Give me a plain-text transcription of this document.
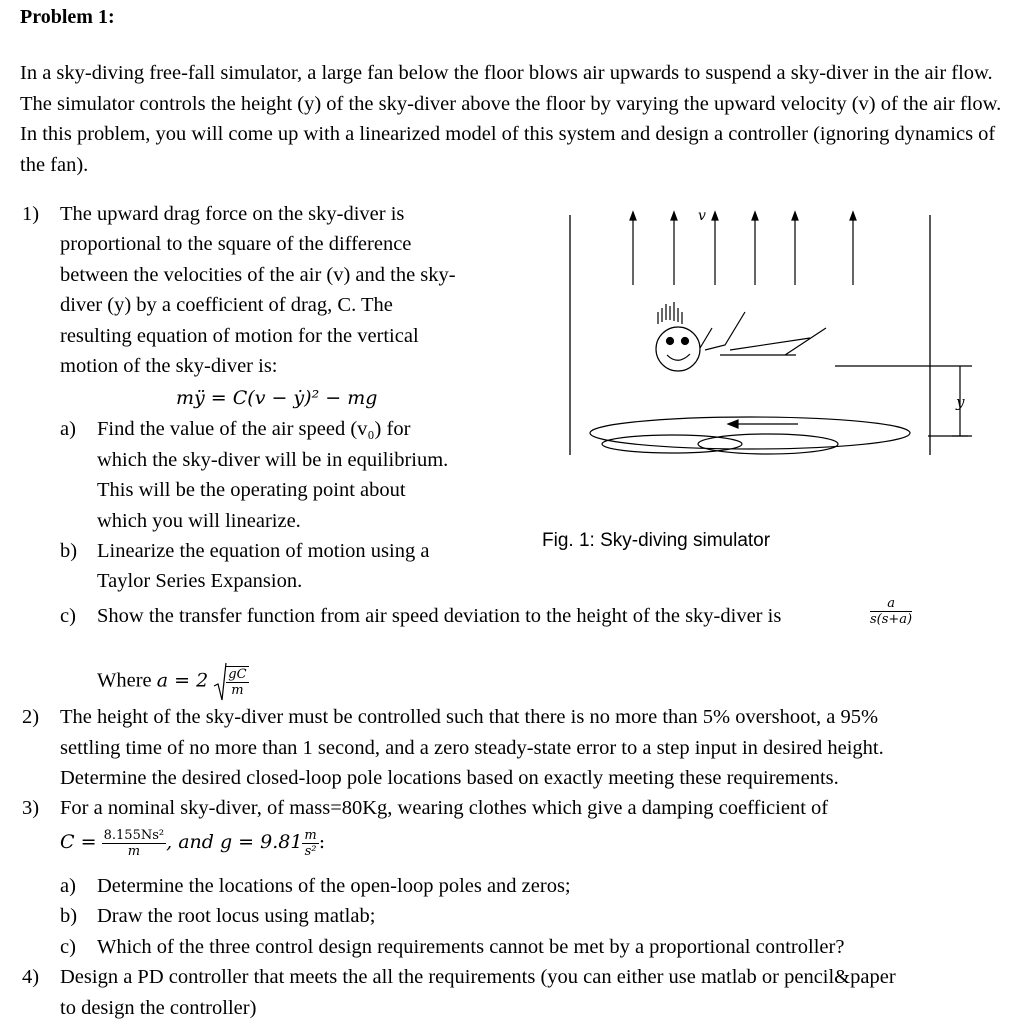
Problem 1:
In a sky-diving free-fall simulator, a large fan below the floor blows air upwards to suspend a sky-diver in the air flow. The simulator controls the height (y) of the sky-diver above the floor by varying the upward velocity (v) of the air flow. In this problem, you will come up with a linearized model of this system and design a controller (ignoring dynamics of the fan).
1) The upward drag force on the sky-diver is
proportional to the square of the difference
between the velocities of the air (v) and the sky-
diver (y) by a coefficient of drag, C. The
resulting equation of motion for the vertical
motion of the sky-diver is:
mÿ = C(v − ẏ)² − mg
a) Find the value of the air speed (v₀) for
which the sky-diver will be in equilibrium.
This will be the operating point about
which you will linearize.
b) Linearize the equation of motion using a
Taylor Series Expansion.
c) Show the transfer function from air speed deviation to the height of the sky-diver is	$\frac{a}{s(s+a)}$
Where $a = 2 \frac{gC}{m}$
v
y
Fig. 1: Sky-diving simulator
2) The height of the sky-diver must be controlled such that there is no more than 5% overshoot, a 95%
settling time of no more than 1 second, and a zero steady-state error to a step input in desired height.
Determine the desired closed-loop pole locations based on exactly meeting these requirements.
3) For a nominal sky-diver, of mass=80Kg, wearing clothes which give a damping coefficient of
$C = \frac{\text{8.155Ns²}}{m}$ , and $g = 9.81 \frac{m}{\text{s²}}$ :
a) Determine the locations of the open-loop poles and zeros;
b) Draw the root locus using matlab;
c) Which of the three control design requirements cannot be met by a proportional controller?
4) Design a PD controller that meets the all the requirements (you can either use matlab or pencil&paper
to design the controller)
